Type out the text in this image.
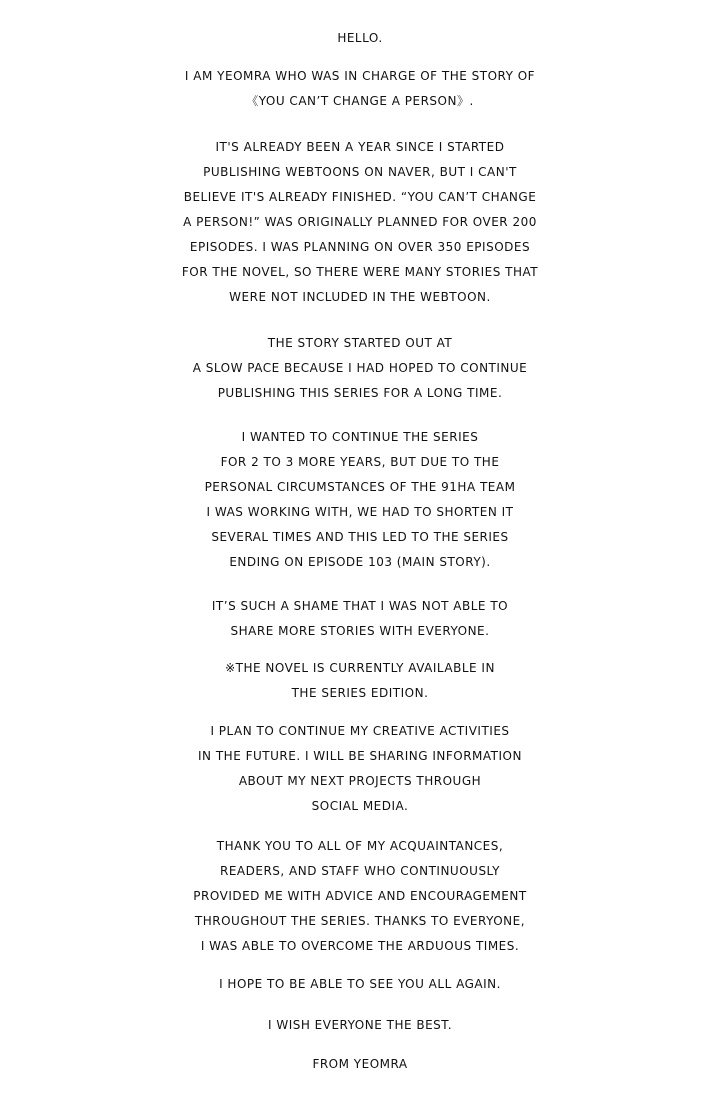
HELLO.
I AM YEOMRA WHO WAS IN CHARGE OF THE STORY OF
《YOU CAN’T CHANGE A PERSON》.
IT'S ALREADY BEEN A YEAR SINCE I STARTED
PUBLISHING WEBTOONS ON NAVER, BUT I CAN'T
BELIEVE IT'S ALREADY FINISHED. “YOU CAN’T CHANGE
A PERSON!” WAS ORIGINALLY PLANNED FOR OVER 200
EPISODES. I WAS PLANNING ON OVER 350 EPISODES
FOR THE NOVEL, SO THERE WERE MANY STORIES THAT
WERE NOT INCLUDED IN THE WEBTOON.
THE STORY STARTED OUT AT
A SLOW PACE BECAUSE I HAD HOPED TO CONTINUE
PUBLISHING THIS SERIES FOR A LONG TIME.
I WANTED TO CONTINUE THE SERIES
FOR 2 TO 3 MORE YEARS, BUT DUE TO THE
PERSONAL CIRCUMSTANCES OF THE 91HA TEAM
I WAS WORKING WITH, WE HAD TO SHORTEN IT
SEVERAL TIMES AND THIS LED TO THE SERIES
ENDING ON EPISODE 103 (MAIN STORY).
IT’S SUCH A SHAME THAT I WAS NOT ABLE TO
SHARE MORE STORIES WITH EVERYONE.
※THE NOVEL IS CURRENTLY AVAILABLE IN
THE SERIES EDITION.
I PLAN TO CONTINUE MY CREATIVE ACTIVITIES
IN THE FUTURE. I WILL BE SHARING INFORMATION
ABOUT MY NEXT PROJECTS THROUGH
SOCIAL MEDIA.
THANK YOU TO ALL OF MY ACQUAINTANCES,
READERS, AND STAFF WHO CONTINUOUSLY
PROVIDED ME WITH ADVICE AND ENCOURAGEMENT
THROUGHOUT THE SERIES. THANKS TO EVERYONE,
I WAS ABLE TO OVERCOME THE ARDUOUS TIMES.
I HOPE TO BE ABLE TO SEE YOU ALL AGAIN.
I WISH EVERYONE THE BEST.
FROM YEOMRA
